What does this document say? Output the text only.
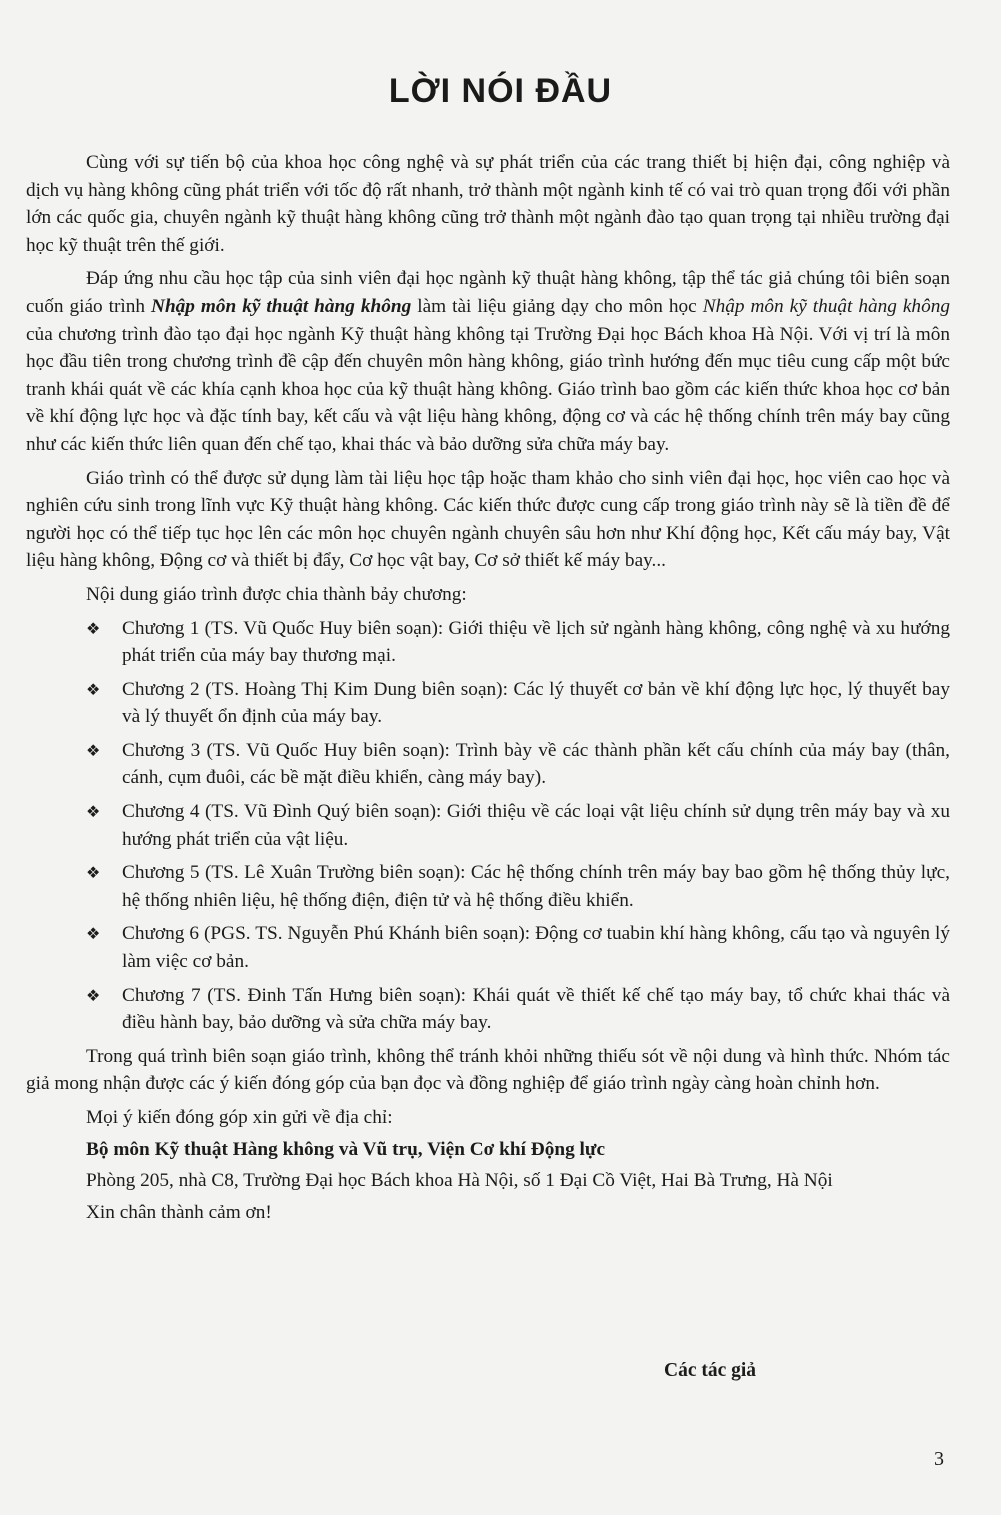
LỜI NÓI ĐẦU

Cùng với sự tiến bộ của khoa học công nghệ và sự phát triển của các trang thiết bị hiện đại, công nghiệp và dịch vụ hàng không cũng phát triển với tốc độ rất nhanh, trở thành một ngành kinh tế có vai trò quan trọng đối với phần lớn các quốc gia, chuyên ngành kỹ thuật hàng không cũng trở thành một ngành đào tạo quan trọng tại nhiều trường đại học kỹ thuật trên thế giới.

Đáp ứng nhu cầu học tập của sinh viên đại học ngành kỹ thuật hàng không, tập thể tác giả chúng tôi biên soạn cuốn giáo trình Nhập môn kỹ thuật hàng không làm tài liệu giảng dạy cho môn học Nhập môn kỹ thuật hàng không của chương trình đào tạo đại học ngành Kỹ thuật hàng không tại Trường Đại học Bách khoa Hà Nội. Với vị trí là môn học đầu tiên trong chương trình đề cập đến chuyên môn hàng không, giáo trình hướng đến mục tiêu cung cấp một bức tranh khái quát về các khía cạnh khoa học của kỹ thuật hàng không. Giáo trình bao gồm các kiến thức khoa học cơ bản về khí động lực học và đặc tính bay, kết cấu và vật liệu hàng không, động cơ và các hệ thống chính trên máy bay cũng như các kiến thức liên quan đến chế tạo, khai thác và bảo dưỡng sửa chữa máy bay.

Giáo trình có thể được sử dụng làm tài liệu học tập hoặc tham khảo cho sinh viên đại học, học viên cao học và nghiên cứu sinh trong lĩnh vực Kỹ thuật hàng không. Các kiến thức được cung cấp trong giáo trình này sẽ là tiền đề để người học có thể tiếp tục học lên các môn học chuyên ngành chuyên sâu hơn như Khí động học, Kết cấu máy bay, Vật liệu hàng không, Động cơ và thiết bị đẩy, Cơ học vật bay, Cơ sở thiết kế máy bay...

Nội dung giáo trình được chia thành bảy chương:

❖ Chương 1 (TS. Vũ Quốc Huy biên soạn): Giới thiệu về lịch sử ngành hàng không, công nghệ và xu hướng phát triển của máy bay thương mại.
❖ Chương 2 (TS. Hoàng Thị Kim Dung biên soạn): Các lý thuyết cơ bản về khí động lực học, lý thuyết bay và lý thuyết ổn định của máy bay.
❖ Chương 3 (TS. Vũ Quốc Huy biên soạn): Trình bày về các thành phần kết cấu chính của máy bay (thân, cánh, cụm đuôi, các bề mặt điều khiển, càng máy bay).
❖ Chương 4 (TS. Vũ Đình Quý biên soạn): Giới thiệu về các loại vật liệu chính sử dụng trên máy bay và xu hướng phát triển của vật liệu.
❖ Chương 5 (TS. Lê Xuân Trường biên soạn): Các hệ thống chính trên máy bay bao gồm hệ thống thủy lực, hệ thống nhiên liệu, hệ thống điện, điện tử và hệ thống điều khiển.
❖ Chương 6 (PGS. TS. Nguyễn Phú Khánh biên soạn): Động cơ tuabin khí hàng không, cấu tạo và nguyên lý làm việc cơ bản.
❖ Chương 7 (TS. Đinh Tấn Hưng biên soạn): Khái quát về thiết kế chế tạo máy bay, tổ chức khai thác và điều hành bay, bảo dưỡng và sửa chữa máy bay.

Trong quá trình biên soạn giáo trình, không thể tránh khỏi những thiếu sót về nội dung và hình thức. Nhóm tác giả mong nhận được các ý kiến đóng góp của bạn đọc và đồng nghiệp để giáo trình ngày càng hoàn chỉnh hơn.

Mọi ý kiến đóng góp xin gửi về địa chỉ:

Bộ môn Kỹ thuật Hàng không và Vũ trụ, Viện Cơ khí Động lực

Phòng 205, nhà C8, Trường Đại học Bách khoa Hà Nội, số 1 Đại Cồ Việt, Hai Bà Trưng, Hà Nội

Xin chân thành cảm ơn!

Các tác giả
3
